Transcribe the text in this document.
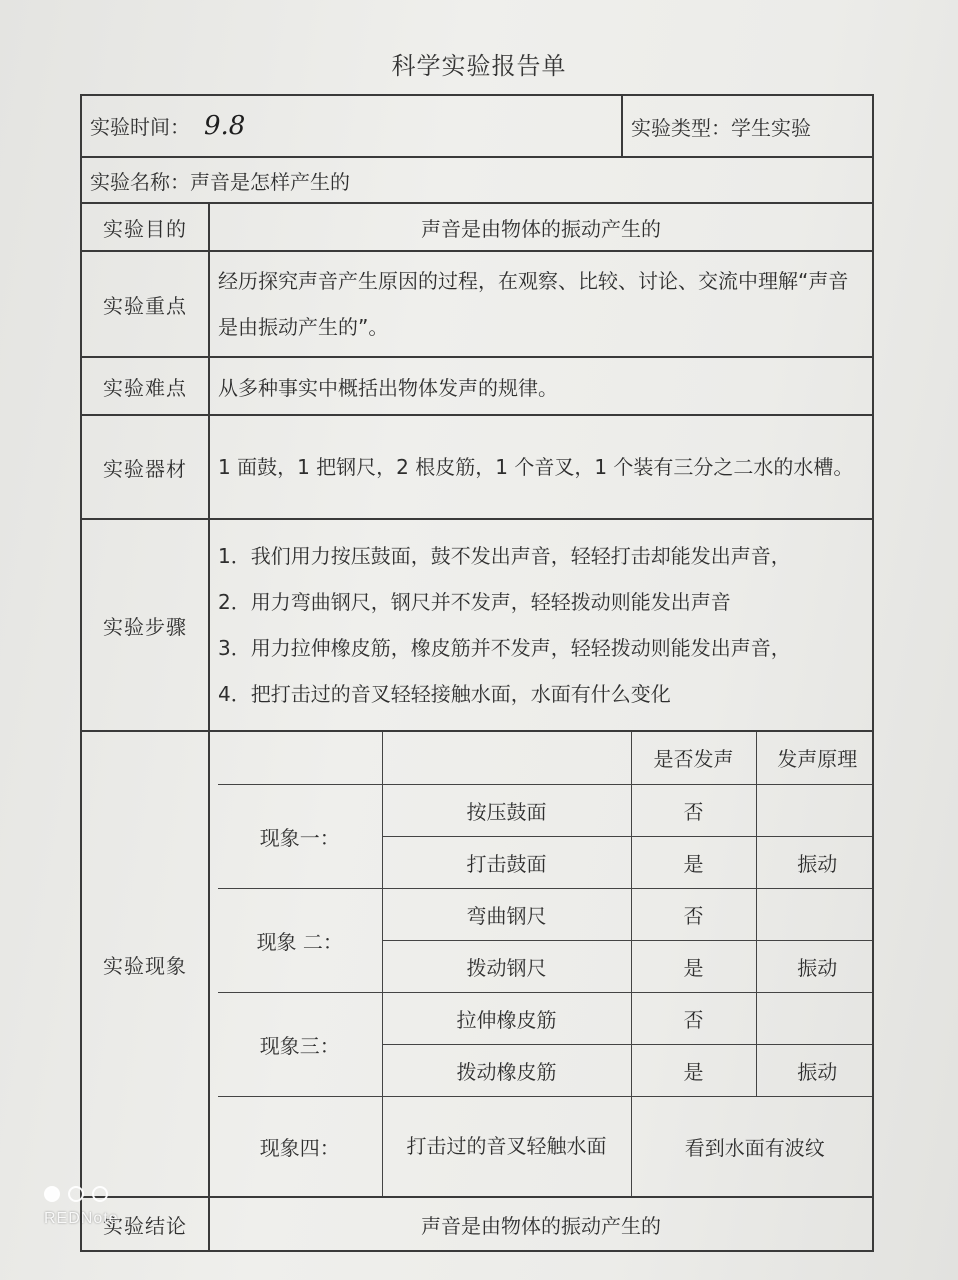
科学实验报告单
实验时间： 9.8	实验类型：学生实验
实验名称：声音是怎样产生的
实验目的	声音是由物体的振动产生的
实验重点	经历探究声音产生原因的过程，在观察、比较、讨论、交流中理解“声音是由振动产生的”。
实验难点	从多种事实中概括出物体发声的规律。
实验器材	1 面鼓，1 把钢尺，2 根皮筋，1 个音叉，1 个装有三分之二水的水槽。
实验步骤	
1．我们用力按压鼓面，鼓不发出声音，轻轻打击却能发出声音，
2．用力弯曲钢尺，钢尺并不发声，轻轻拨动则能发出声音
3．用力拉伸橡皮筋，橡皮筋并不发声，轻轻拨动则能发出声音，
4．把打击过的音叉轻轻接触水面，水面有什么变化

实验现象	
		是否发声	发声原理
现象一：	按压鼓面	否	
打击鼓面	是	振动
现象 二：	弯曲钢尺	否	
拨动钢尺	是	振动
现象三：	拉伸橡皮筋	否	
拨动橡皮筋	是	振动
现象四：	打击过的音叉轻触水面	看到水面有波纹

实验结论	声音是由物体的振动产生的
REDNote
